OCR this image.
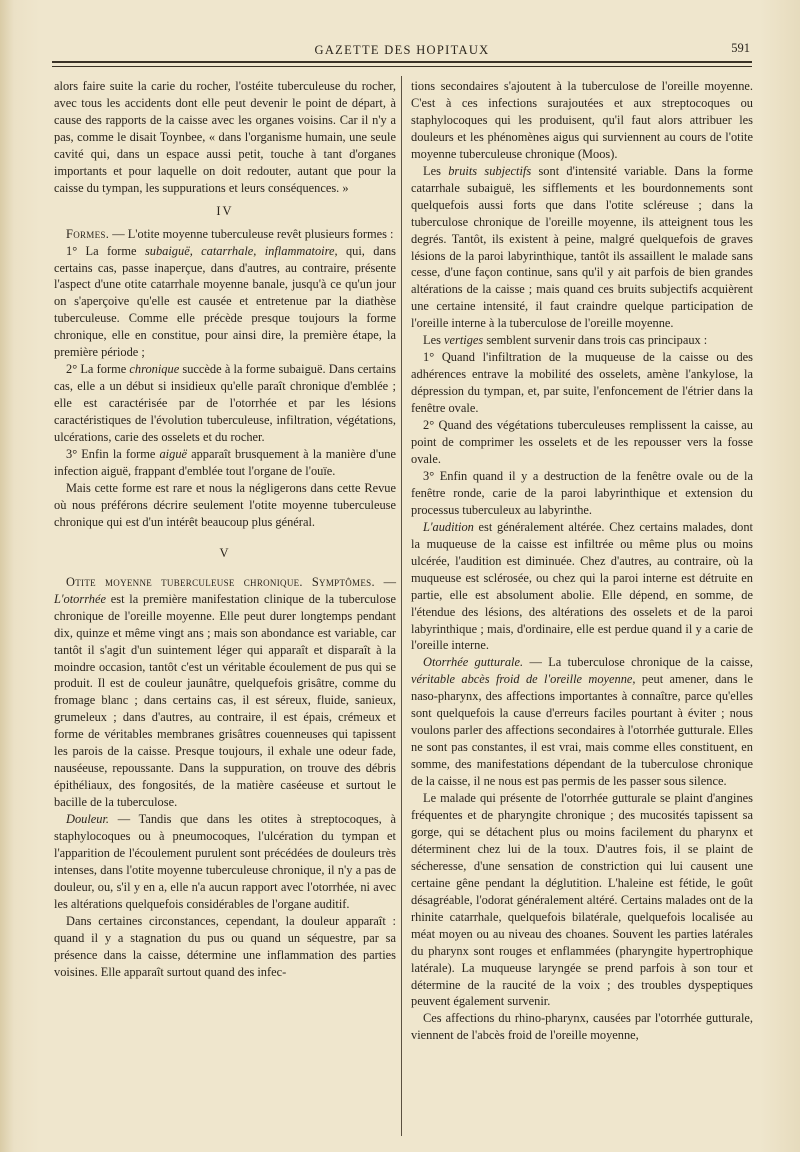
GAZETTE DES HOPITAUX	591

alors faire suite la carie du rocher, l'ostéite tuberculeuse du rocher, avec tous les accidents dont elle peut devenir le point de départ, à cause des rapports de la caisse avec les organes voisins. Car il n'y a pas, comme le disait Toynbee, « dans l'organisme humain, une seule cavité qui, dans un espace aussi petit, touche à tant d'organes importants et pour laquelle on doit redouter, autant que pour la caisse du tympan, les suppurations et leurs conséquences. »

IV

Formes. — L'otite moyenne tuberculeuse revêt plusieurs formes :

1° La forme subaiguë, catarrhale, inflammatoire, qui, dans certains cas, passe inaperçue, dans d'autres, au contraire, présente l'aspect d'une otite catarrhale moyenne banale, jusqu'à ce qu'un jour on s'aperçoive qu'elle est causée et entretenue par la diathèse tuberculeuse. Comme elle précède presque toujours la forme chronique, elle en constitue, pour ainsi dire, la première étape, la première période ;

2° La forme chronique succède à la forme subaiguë. Dans certains cas, elle a un début si insidieux qu'elle paraît chronique d'emblée ; elle est caractérisée par de l'otorrhée et par les lésions caractéristiques de l'évolution tuberculeuse, infiltration, végétations, ulcérations, carie des osselets et du rocher.

3° Enfin la forme aiguë apparaît brusquement à la manière d'une infection aiguë, frappant d'emblée tout l'organe de l'ouïe.

Mais cette forme est rare et nous la négligerons dans cette Revue où nous préférons décrire seulement l'otite moyenne tuberculeuse chronique qui est d'un intérêt beaucoup plus général.

V

Otite moyenne tuberculeuse chronique. Symptômes. — L'otorrhée est la première manifestation clinique de la tuberculose chronique de l'oreille moyenne. Elle peut durer longtemps pendant dix, quinze et même vingt ans ; mais son abondance est variable, car tantôt il s'agit d'un suintement léger qui apparaît et disparaît à la moindre occasion, tantôt c'est un véritable écoulement de pus qui se produit. Il est de couleur jaunâtre, quelquefois grisâtre, comme du fromage blanc ; dans certains cas, il est séreux, fluide, sanieux, grumeleux ; dans d'autres, au contraire, il est épais, crémeux et forme de véritables membranes grisâtres couenneuses qui tapissent les parois de la caisse. Presque toujours, il exhale une odeur fade, nauséeuse, repoussante. Dans la suppuration, on trouve des débris épithéliaux, des fongosités, de la matière caséeuse et surtout le bacille de la tuberculose.

Douleur. — Tandis que dans les otites à streptocoques, à staphylocoques ou à pneumocoques, l'ulcération du tympan et l'apparition de l'écoulement purulent sont précédées de douleurs très intenses, dans l'otite moyenne tuberculeuse chronique, il n'y a pas de douleur, ou, s'il y en a, elle n'a aucun rapport avec l'otorrhée, ni avec les altérations quelquefois considérables de l'organe auditif.

Dans certaines circonstances, cependant, la douleur apparaît : quand il y a stagnation du pus ou quand un séquestre, par sa présence dans la caisse, détermine une inflammation des parties voisines. Elle apparaît surtout quand des infec-

tions secondaires s'ajoutent à la tuberculose de l'oreille moyenne. C'est à ces infections surajoutées et aux streptocoques ou staphylocoques qui les produisent, qu'il faut alors attribuer les douleurs et les phénomènes aigus qui surviennent au cours de l'otite moyenne tuberculeuse chronique (Moos).

Les bruits subjectifs sont d'intensité variable. Dans la forme catarrhale subaiguë, les sifflements et les bourdonnements sont quelquefois aussi forts que dans l'otite scléreuse ; dans la tuberculose chronique de l'oreille moyenne, ils atteignent tous les degrés. Tantôt, ils existent à peine, malgré quelquefois de graves lésions de la paroi labyrinthique, tantôt ils assaillent le malade sans cesse, d'une façon continue, sans qu'il y ait parfois de bien grandes altérations de la caisse ; mais quand ces bruits subjectifs acquièrent une certaine intensité, il faut craindre quelque participation de l'oreille interne à la tuberculose de l'oreille moyenne.

Les vertiges semblent survenir dans trois cas principaux :

1° Quand l'infiltration de la muqueuse de la caisse ou des adhérences entrave la mobilité des osselets, amène l'ankylose, la dépression du tympan, et, par suite, l'enfoncement de l'étrier dans la fenêtre ovale.

2° Quand des végétations tuberculeuses remplissent la caisse, au point de comprimer les osselets et de les repousser vers la fosse ovale.

3° Enfin quand il y a destruction de la fenêtre ovale ou de la fenêtre ronde, carie de la paroi labyrinthique et extension du processus tuberculeux au labyrinthe.

L'audition est généralement altérée. Chez certains malades, dont la muqueuse de la caisse est infiltrée ou même plus ou moins ulcérée, l'audition est diminuée. Chez d'autres, au contraire, où la muqueuse est sclérosée, ou chez qui la paroi interne est détruite en partie, elle est absolument abolie. Elle dépend, en somme, de l'étendue des lésions, des altérations des osselets et de la paroi labyrinthique ; mais, d'ordinaire, elle est perdue quand il y a carie de l'oreille interne.

Otorrhée gutturale. — La tuberculose chronique de la caisse, véritable abcès froid de l'oreille moyenne, peut amener, dans le naso-pharynx, des affections importantes à connaître, parce qu'elles sont quelquefois la cause d'erreurs faciles pourtant à éviter ; nous voulons parler des affections secondaires à l'otorrhée gutturale. Elles ne sont pas constantes, il est vrai, mais comme elles constituent, en somme, des manifestations dépendant de la tuberculose chronique de la caisse, il ne nous est pas permis de les passer sous silence.

Le malade qui présente de l'otorrhée gutturale se plaint d'angines fréquentes et de pharyngite chronique ; des mucosités tapissent sa gorge, qui se détachent plus ou moins facilement du pharynx et déterminent chez lui de la toux. D'autres fois, il se plaint de sécheresse, d'une sensation de constriction qui lui causent une certaine gêne pendant la déglutition. L'haleine est fétide, le goût désagréable, l'odorat généralement altéré. Certains malades ont de la rhinite catarrhale, quelquefois bilatérale, quelquefois localisée au méat moyen ou au niveau des choanes. Souvent les parties latérales du pharynx sont rouges et enflammées (pharyngite hypertrophique latérale). La muqueuse laryngée se prend parfois à son tour et détermine de la raucité de la voix ; des troubles dyspeptiques peuvent également survenir.

Ces affections du rhino-pharynx, causées par l'otorrhée gutturale, viennent de l'abcès froid de l'oreille moyenne,
